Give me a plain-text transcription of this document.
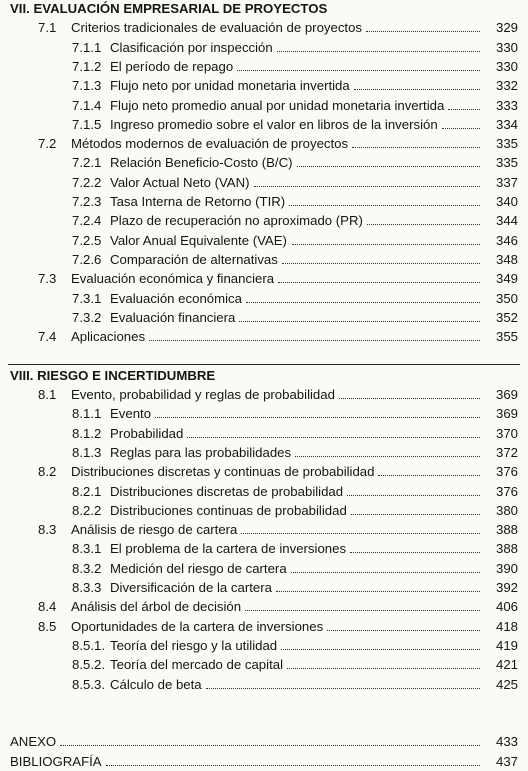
VII. EVALUACIÓN EMPRESARIAL DE PROYECTOS
7.1 Criterios tradicionales de evaluación de proyectos	329
7.1.1 Clasificación por inspección	330
7.1.2 El período de repago	330
7.1.3 Flujo neto por unidad monetaria invertida	332
7.1.4 Flujo neto promedio anual por unidad monetaria invertida	333
7.1.5 Ingreso promedio sobre el valor en libros de la inversión	334
7.2 Métodos modernos de evaluación de proyectos	335
7.2.1 Relación Beneficio-Costo (B/C)	335
7.2.2 Valor Actual Neto (VAN)	337
7.2.3 Tasa Interna de Retorno (TIR)	340
7.2.4 Plazo de recuperación no aproximado (PR)	344
7.2.5 Valor Anual Equivalente (VAE)	346
7.2.6 Comparación de alternativas	348
7.3 Evaluación económica y financiera	349
7.3.1 Evaluación económica	350
7.3.2 Evaluación financiera	352
7.4 Aplicaciones	355
VIII. RIESGO E INCERTIDUMBRE
8.1 Evento, probabilidad y reglas de probabilidad	369
8.1.1 Evento	369
8.1.2 Probabilidad	370
8.1.3 Reglas para las probabilidades	372
8.2 Distribuciones discretas y continuas de probabilidad	376
8.2.1 Distribuciones discretas de probabilidad	376
8.2.2 Distribuciones continuas de probabilidad	380
8.3 Análisis de riesgo de cartera	388
8.3.1 El problema de la cartera de inversiones	388
8.3.2 Medición del riesgo de cartera	390
8.3.3 Diversificación de la cartera	392
8.4 Análisis del árbol de decisión	406
8.5 Oportunidades de la cartera de inversiones	418
8.5.1. Teoría del riesgo y la utilidad	419
8.5.2. Teoría del mercado de capital	421
8.5.3. Cálculo de beta	425
ANEXO	433
BIBLIOGRAFÍA	437
